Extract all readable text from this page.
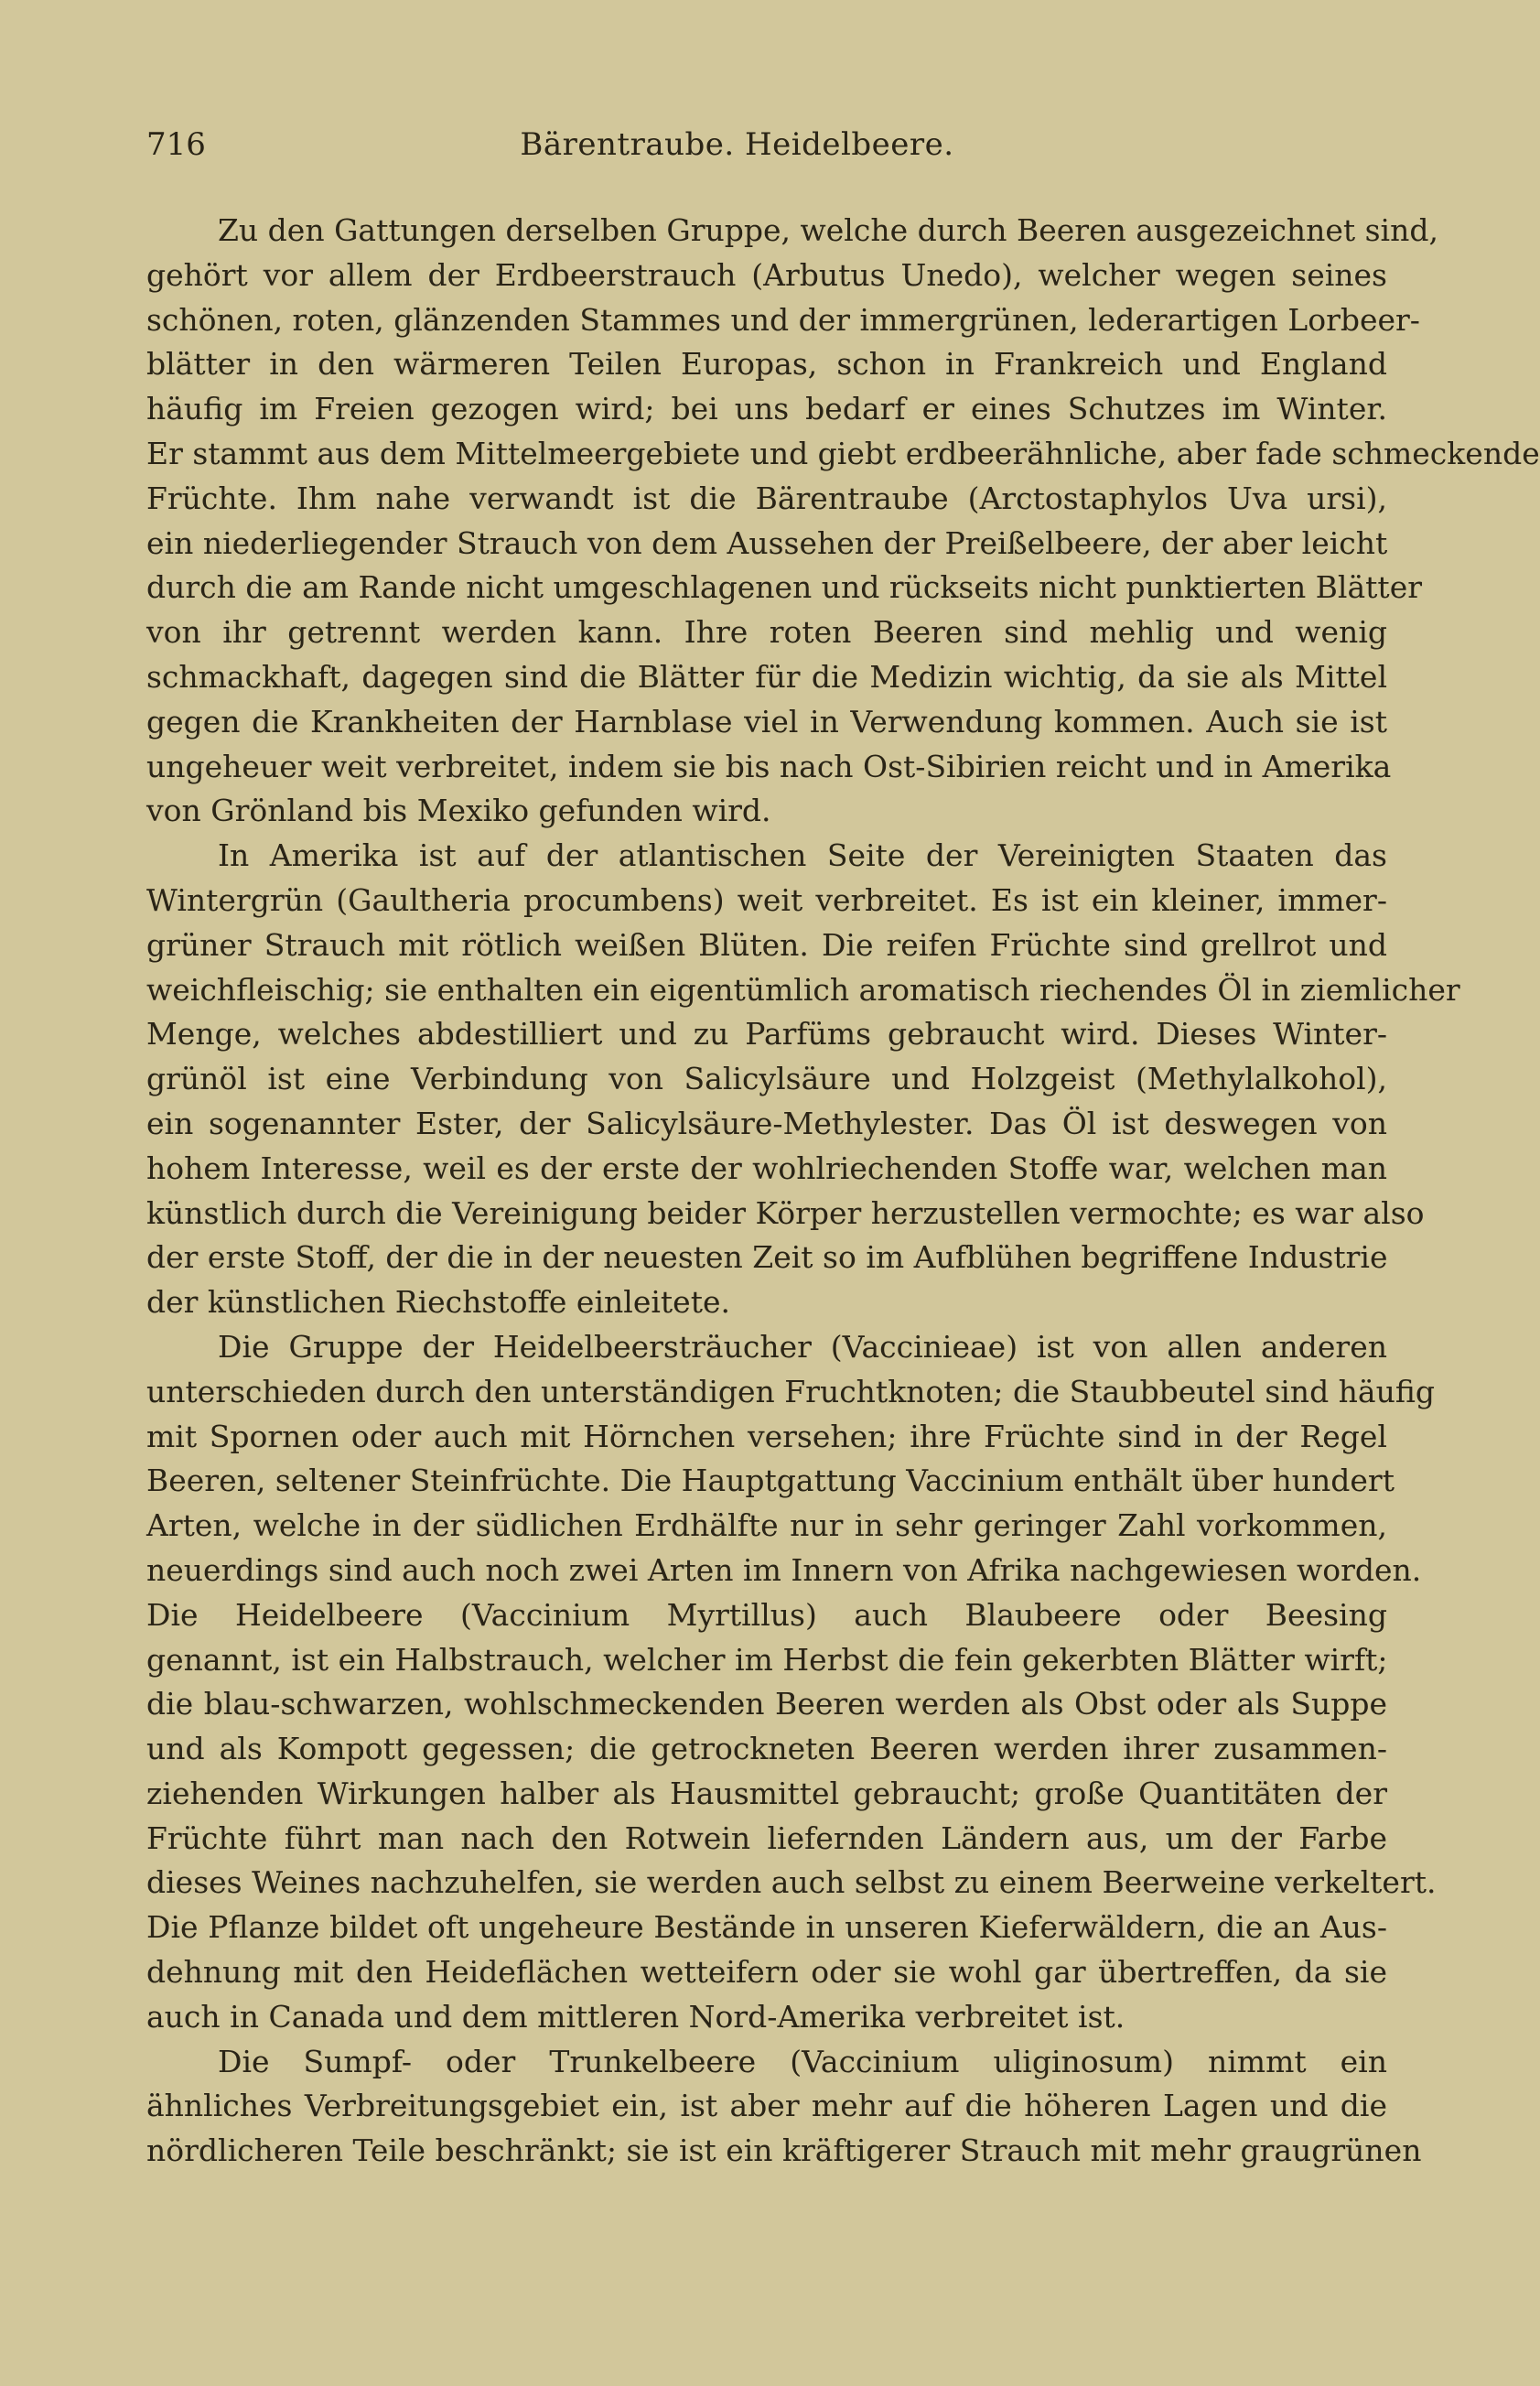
716	Bärentraube. Heidelbeere.
Zu den Gattungen derselben Gruppe, welche durch Beeren ausgezeichnet sind,
gehört vor allem der Erdbeerstrauch (Arbutus Unedo), welcher wegen seines
schönen, roten, glänzenden Stammes und der immergrünen, lederartigen Lorbeer-
blätter in den wärmeren Teilen Europas, schon in Frankreich und England
häufig im Freien gezogen wird; bei uns bedarf er eines Schutzes im Winter.
Er stammt aus dem Mittelmeergebiete und giebt erdbeerähnliche, aber fade schmeckende
Früchte. Ihm nahe verwandt ist die Bärentraube (Arctostaphylos Uva ursi),
ein niederliegender Strauch von dem Aussehen der Preißelbeere, der aber leicht
durch die am Rande nicht umgeschlagenen und rückseits nicht punktierten Blätter
von ihr getrennt werden kann. Ihre roten Beeren sind mehlig und wenig
schmackhaft, dagegen sind die Blätter für die Medizin wichtig, da sie als Mittel
gegen die Krankheiten der Harnblase viel in Verwendung kommen. Auch sie ist
ungeheuer weit verbreitet, indem sie bis nach Ost-Sibirien reicht und in Amerika
von Grönland bis Mexiko gefunden wird.
In Amerika ist auf der atlantischen Seite der Vereinigten Staaten das
Wintergrün (Gaultheria procumbens) weit verbreitet. Es ist ein kleiner, immer-
grüner Strauch mit rötlich weißen Blüten. Die reifen Früchte sind grellrot und
weichfleischig; sie enthalten ein eigentümlich aromatisch riechendes Öl in ziemlicher
Menge, welches abdestilliert und zu Parfüms gebraucht wird. Dieses Winter-
grünöl ist eine Verbindung von Salicylsäure und Holzgeist (Methylalkohol),
ein sogenannter Ester, der Salicylsäure-Methylester. Das Öl ist deswegen von
hohem Interesse, weil es der erste der wohlriechenden Stoffe war, welchen man
künstlich durch die Vereinigung beider Körper herzustellen vermochte; es war also
der erste Stoff, der die in der neuesten Zeit so im Aufblühen begriffene Industrie
der künstlichen Riechstoffe einleitete.
Die Gruppe der Heidelbeersträucher (Vaccinieae) ist von allen anderen
unterschieden durch den unterständigen Fruchtknoten; die Staubbeutel sind häufig
mit Spornen oder auch mit Hörnchen versehen; ihre Früchte sind in der Regel
Beeren, seltener Steinfrüchte. Die Hauptgattung Vaccinium enthält über hundert
Arten, welche in der südlichen Erdhälfte nur in sehr geringer Zahl vorkommen,
neuerdings sind auch noch zwei Arten im Innern von Afrika nachgewiesen worden.
Die Heidelbeere (Vaccinium Myrtillus) auch Blaubeere oder Beesing
genannt, ist ein Halbstrauch, welcher im Herbst die fein gekerbten Blätter wirft;
die blau-schwarzen, wohlschmeckenden Beeren werden als Obst oder als Suppe
und als Kompott gegessen; die getrockneten Beeren werden ihrer zusammen-
ziehenden Wirkungen halber als Hausmittel gebraucht; große Quantitäten der
Früchte führt man nach den Rotwein liefernden Ländern aus, um der Farbe
dieses Weines nachzuhelfen, sie werden auch selbst zu einem Beerweine verkeltert.
Die Pflanze bildet oft ungeheure Bestände in unseren Kieferwäldern, die an Aus-
dehnung mit den Heideflächen wetteifern oder sie wohl gar übertreffen, da sie
auch in Canada und dem mittleren Nord-Amerika verbreitet ist.
Die Sumpf- oder Trunkelbeere (Vaccinium uliginosum) nimmt ein
ähnliches Verbreitungsgebiet ein, ist aber mehr auf die höheren Lagen und die
nördlicheren Teile beschränkt; sie ist ein kräftigerer Strauch mit mehr graugrünen
